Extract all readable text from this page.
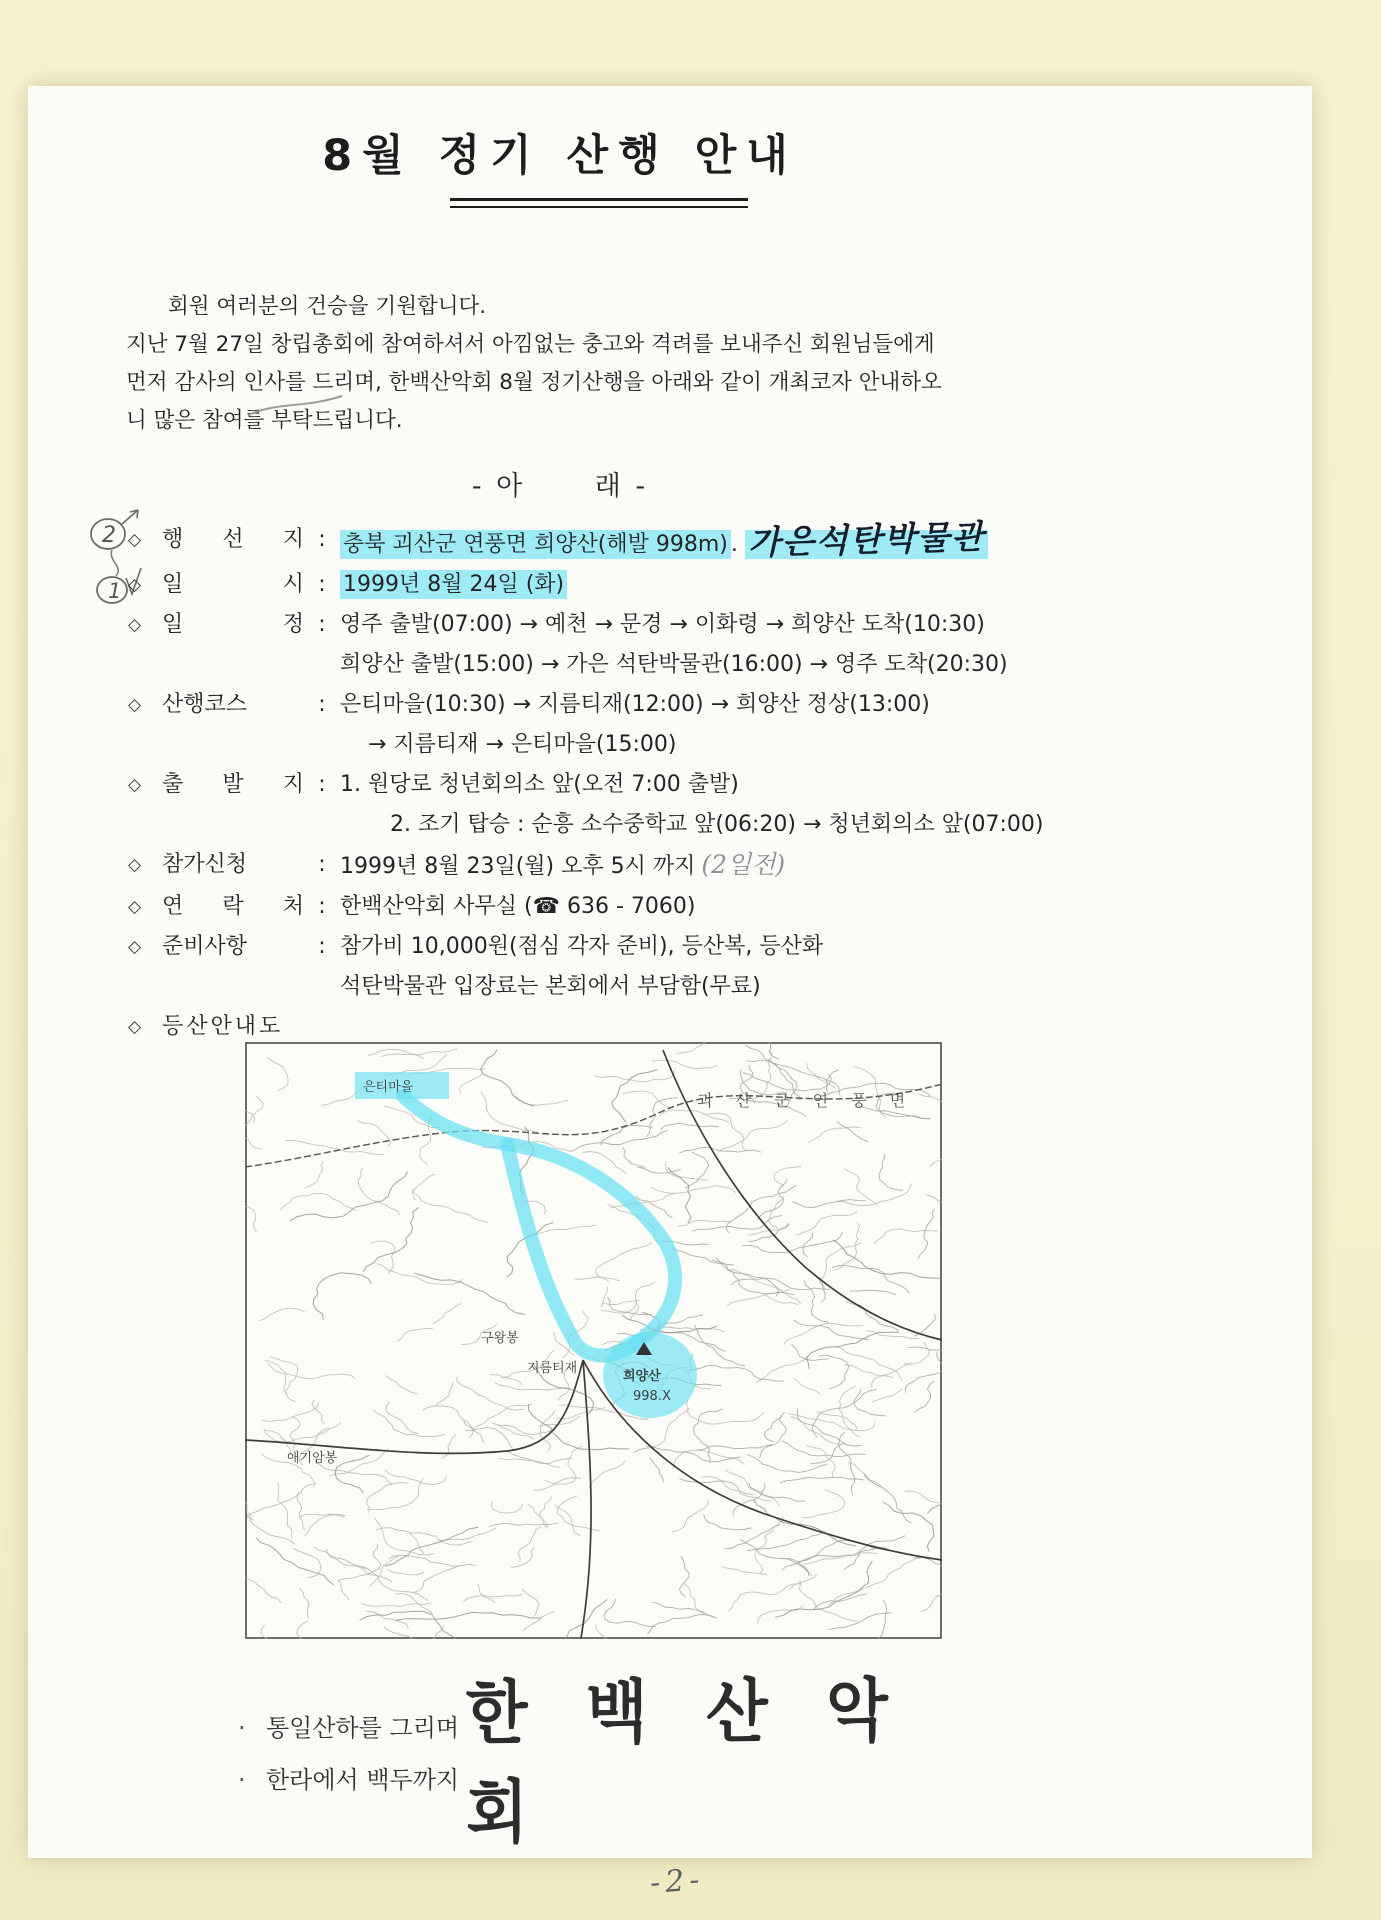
8월 정기 산행 안내
회원 여러분의 건승을 기원합니다.
지난 7월 27일 창립총회에 참여하셔서 아낌없는 충고와 격려를 보내주신 회원님들에게
먼저 감사의 인사를 드리며, 한백산악회 8월 정기산행을 아래와 같이 개최코자 안내하오
니 많은 참여를 부탁드립니다.
- 아      래 -
2
1
◇ 행 선 지 : 충북 괴산군 연풍면 희양산(해발 998m) . 가은석탄박물관
◇ 일 시 : 1999년 8월 24일 (화)
◇ 일 정 : 영주 출발(07:00) → 예천 → 문경 → 이화령 → 희양산 도착(10:30)
희양산 출발(15:00) → 가은 석탄박물관(16:00) → 영주 도착(20:30)
◇ 산행코스	: 은티마을(10:30) → 지름티재(12:00) → 희양산 정상(13:00)
→ 지름티재 → 은티마을(15:00)
◇ 출 발 지 : 1. 원당로 청년회의소 앞(오전 7:00 출발)
2. 조기 탑승 : 순흥 소수중학교 앞(06:20) → 청년회의소 앞(07:00)
◇ 참가신청	: 1999년 8월 23일(월) 오후 5시 까지 (2일전)
◇ 연 락 처 : 한백산악회 사무실 (☎ 636 - 7060)
◇ 준비사항	: 참가비 10,000원(점심 각자 준비), 등산복, 등산화
석탄박물관 입장료는 본회에서 부담함(무료)
◇ 등산안내도
은티마을
괴 산 군 연 풍 면
구왕봉
지름티재
희양산
998.X
애기암봉
· 통일산하를 그리며
· 한라에서 백두까지
한 백 산 악 회
-2-
